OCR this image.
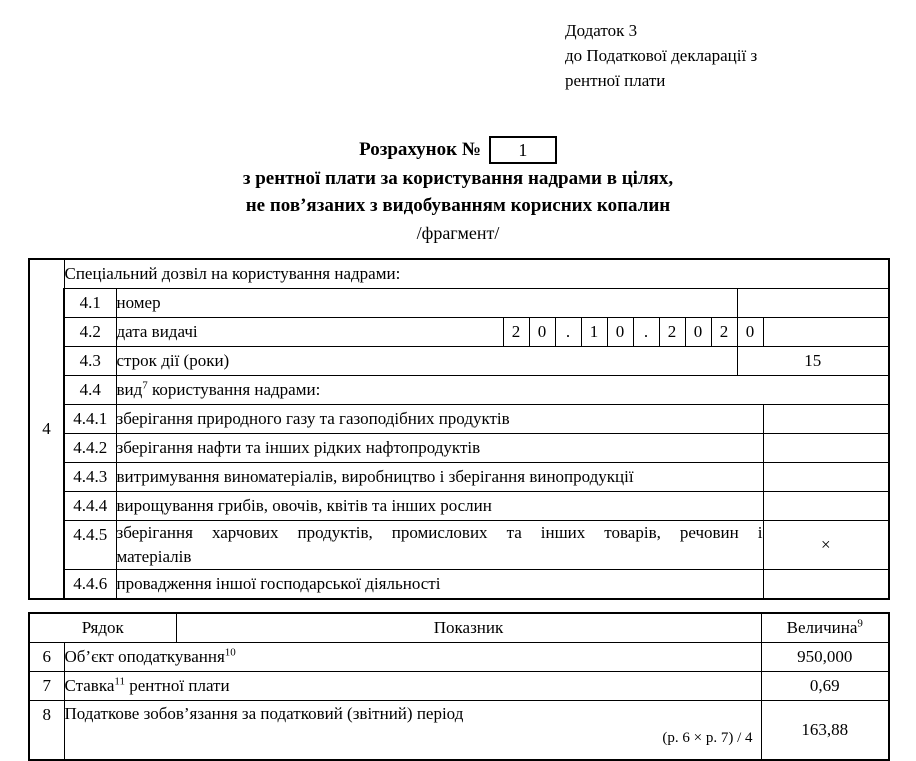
Додаток 3
до Податкової декларації з
рентної плати
Розрахунок №	1
з рентної плати за користування надрами в цілях,
не пов’язаних з видобуванням корисних копалин
/фрагмент/
4	Спеціальний дозвіл на користування надрами:												
	4.1	номер											
	4.2	дата видачі	2	0	.	1	0	.	2	0	2	0	
	4.3	строк дії (роки)										15	
	4.4	вид$^7$ користування надрами:											
	4.4.1	зберігання природного газу та газоподібних продуктів											
	4.4.2	зберігання нафти та інших рідких нафтопродуктів											
	4.4.3	витримування виноматеріалів, виробництво і зберігання винопродукції											
	4.4.4	вирощування грибів, овочів, квітів та інших рослин											
	4.4.5	зберігання харчових продуктів, промислових та інших товарів, речовин і
матеріалів											×

	4.4.6	провадження іншої господарської діяльності											
Рядок		Показник	Величина$^9$
6	Об’єкт оподаткування$^{10}$		950,000
7	Ставка$^{11}$ рентної плати		0,69
8	Податкове зобов’язання за податковий (звітний) період
(р. 6 × р. 7) / 4		163,88
